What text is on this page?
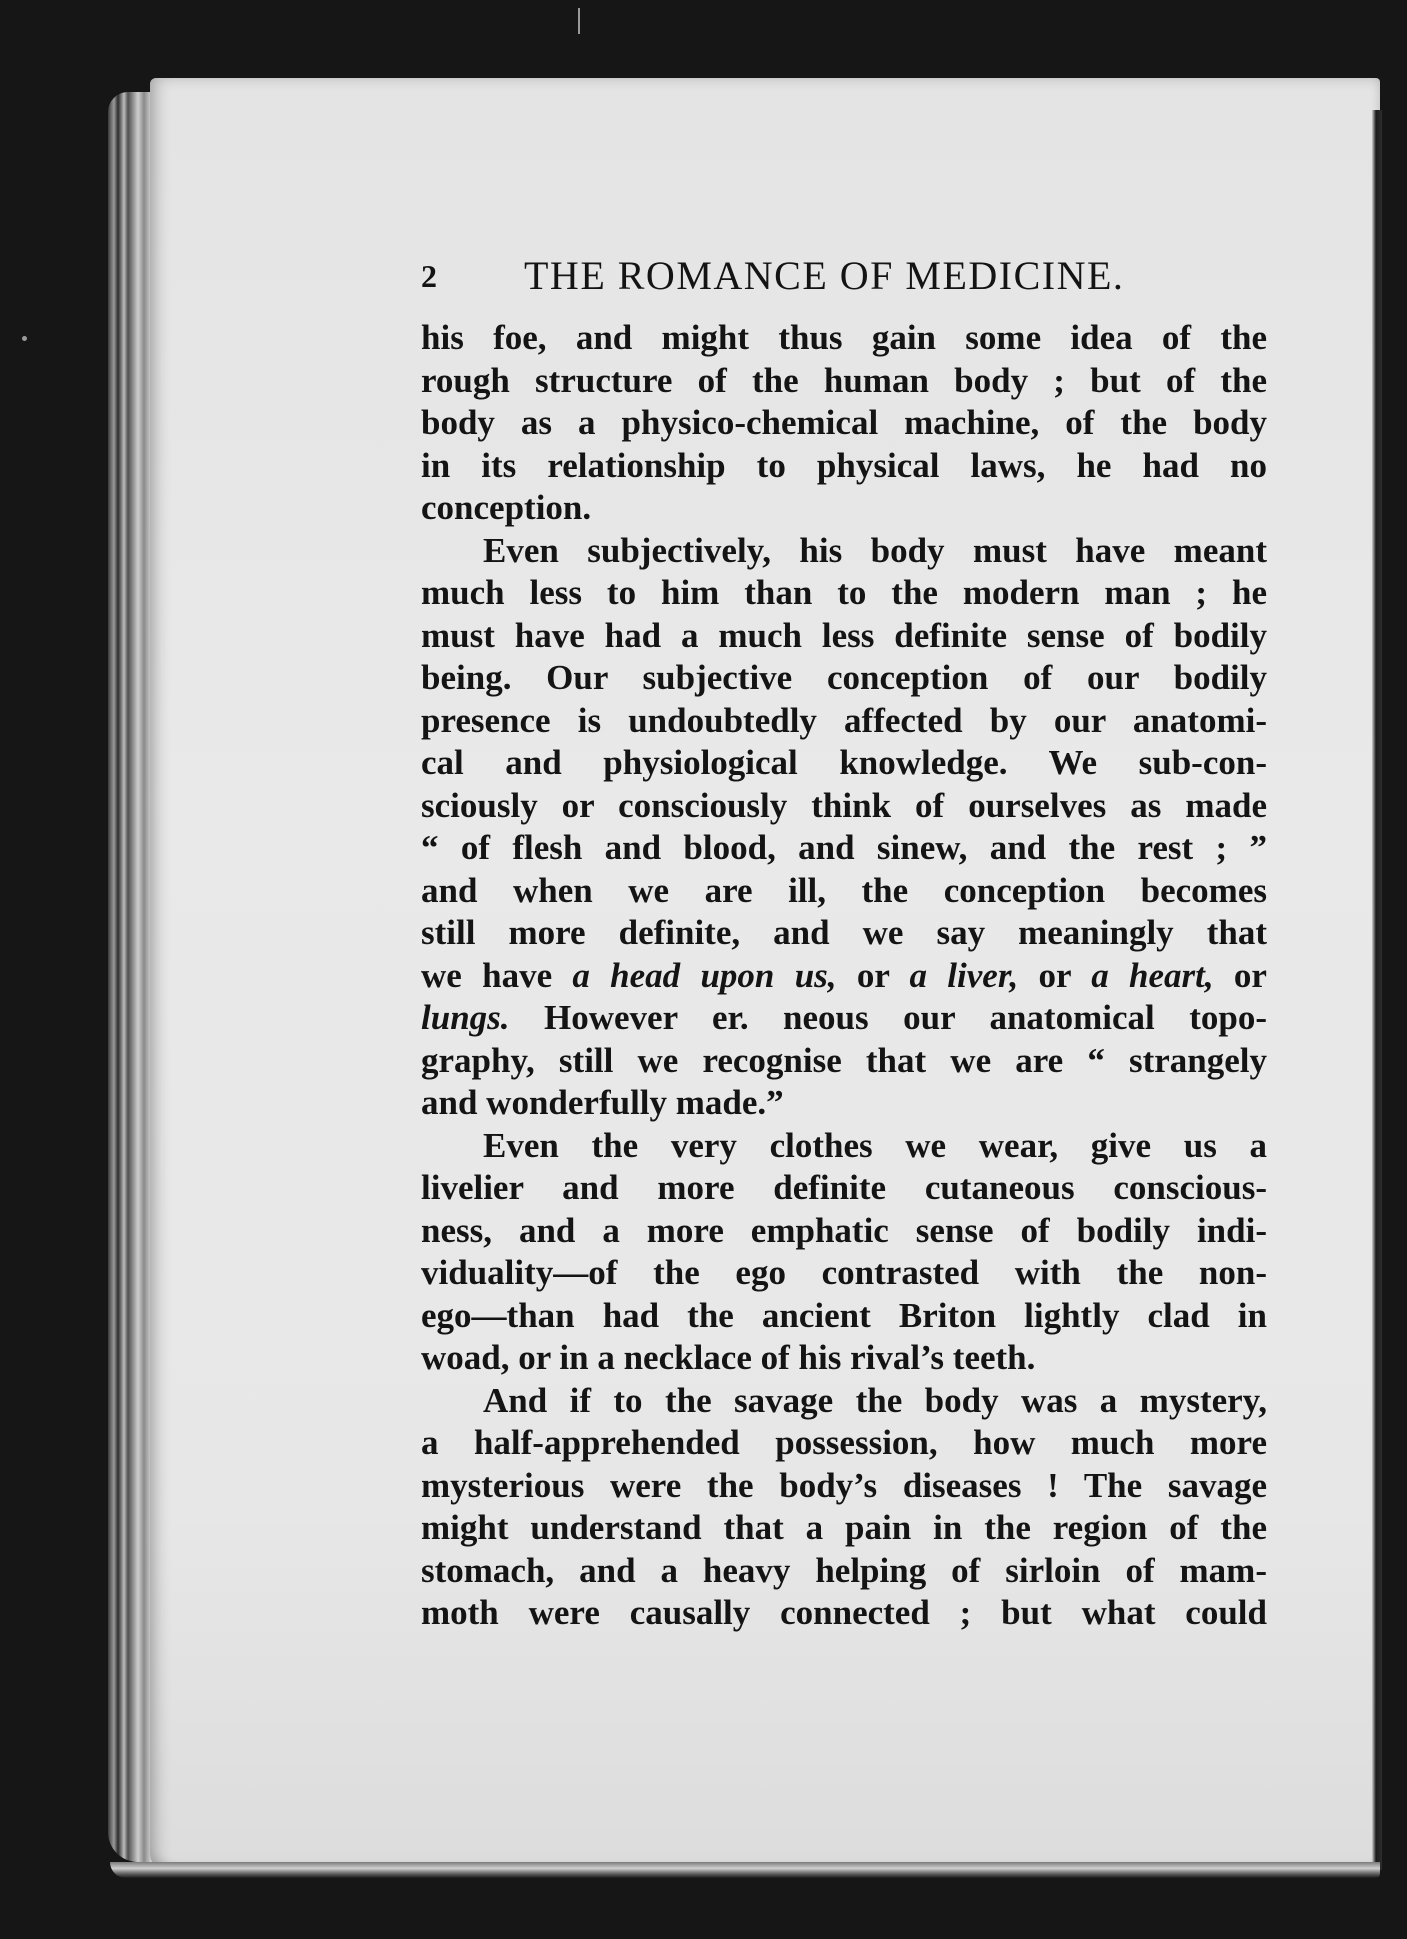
2 THE ROMANCE OF MEDICINE.
his foe, and might thus gain some idea of the
rough structure of the human body ; but of the
body as a physico-chemical machine, of the body
in its relationship to physical laws, he had no
conception.
Even subjectively, his body must have meant
much less to him than to the modern man ; he
must have had a much less definite sense of bodily
being. Our subjective conception of our bodily
presence is undoubtedly affected by our anatomi-
cal and physiological knowledge. We sub-con-
sciously or consciously think of ourselves as made
“ of flesh and blood, and sinew, and the rest ; ”
and when we are ill, the conception becomes
still more definite, and we say meaningly that
we have a head upon us, or a liver, or a heart, or
lungs. However er. neous our anatomical topo-
graphy, still we recognise that we are “ strangely
and wonderfully made.”
Even the very clothes we wear, give us a
livelier and more definite cutaneous conscious-
ness, and a more emphatic sense of bodily indi-
viduality—of the ego contrasted with the non-
ego—than had the ancient Briton lightly clad in
woad, or in a necklace of his rival’s teeth.
And if to the savage the body was a mystery,
a half-apprehended possession, how much more
mysterious were the body’s diseases ! The savage
might understand that a pain in the region of the
stomach, and a heavy helping of sirloin of mam-
moth were causally connected ; but what could
